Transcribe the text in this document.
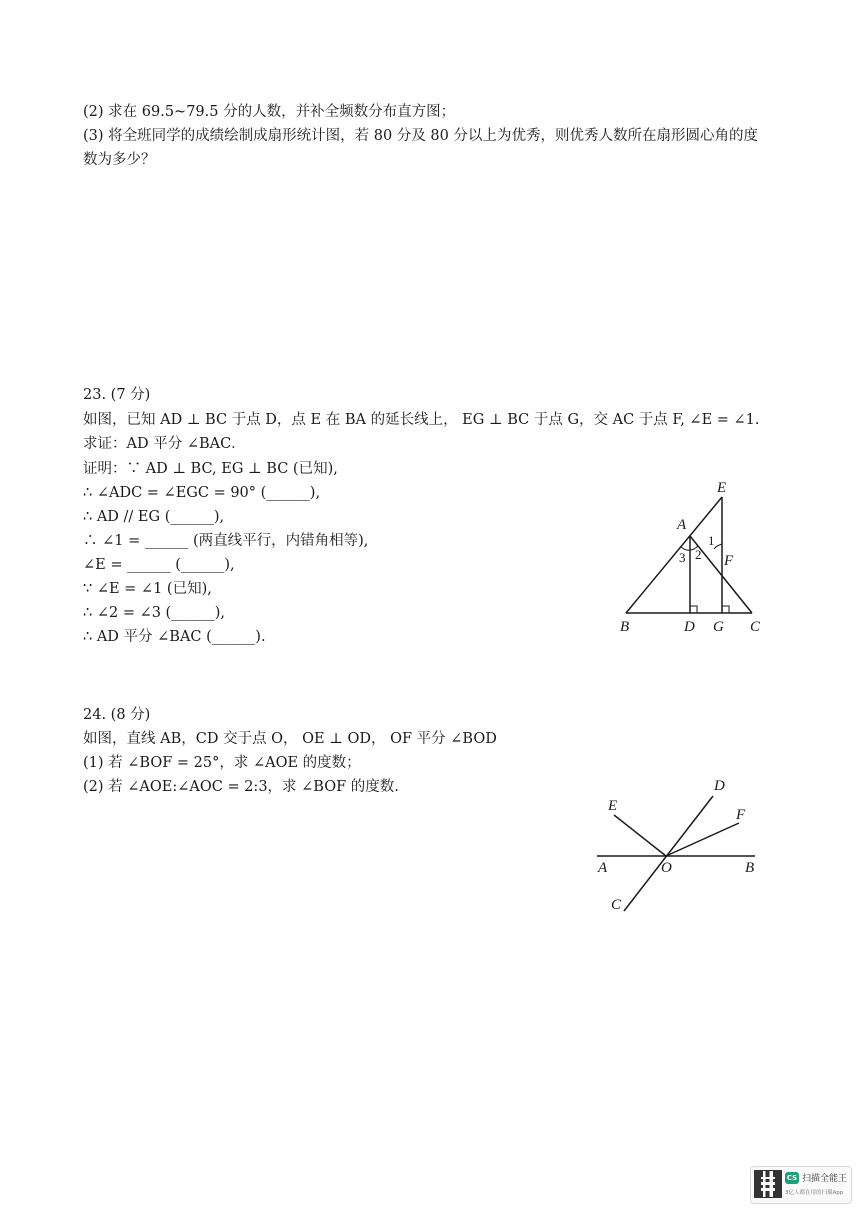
(2) 求在 69.5~79.5 分的人数，并补全频数分布直方图；
(3) 将全班同学的成绩绘制成扇形统计图，若 80 分及 80 分以上为优秀，则优秀人数所在扇形圆心角的度
数为多少？
23. (7 分)
如图，已知 AD ⊥ BC 于点 D，点 E 在 BA 的延长线上， EG ⊥ BC 于点 G，交 AC 于点 F, ∠E = ∠1.
求证：AD 平分 ∠BAC．
证明：∵ AD ⊥ BC, EG ⊥ BC (已知),
∴ ∠ADC = ∠EGC = 90° (______),
∴ AD // EG (______),
∴ ∠1 = ______ (两直线平行，内错角相等),
∠E = ______ (______),
∵ ∠E = ∠1 (已知),
∴ ∠2 = ∠3 (______),
∴ AD 平分 ∠BAC (______).
E
A
1
3 2 F
B	D G C
24. (8 分)
如图，直线 AB，CD 交于点 O， OE ⊥ OD， OF 平分 ∠BOD
(1) 若 ∠BOF = 25°，求 ∠AOE 的度数；
(2) 若 ∠AOE:∠AOC = 2:3，求 ∠BOF 的度数.	D
E
F
A	O	B
C
CS 扫描全能王
3亿人都在用的扫描App
